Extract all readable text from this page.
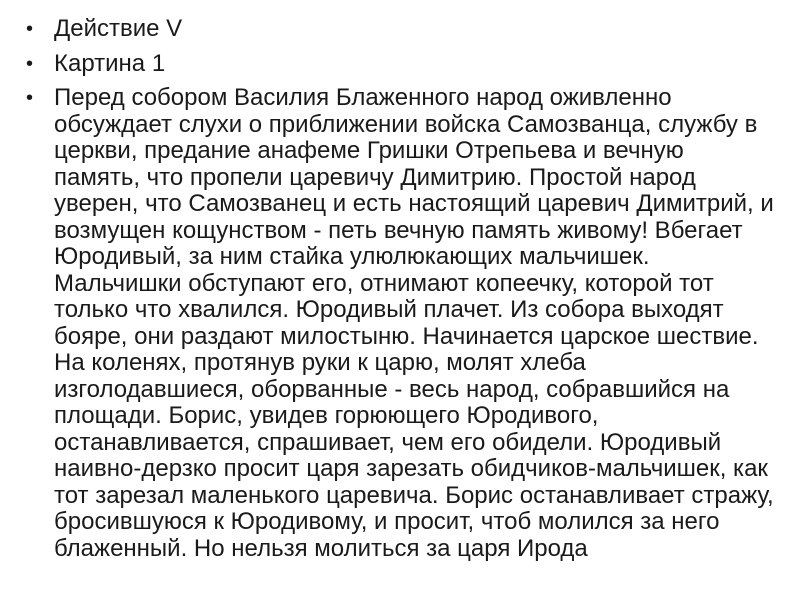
• Действие V
• Картина 1
• Перед собором Василия Блаженного народ оживленно обсуждает слухи о приближении войска Самозванца, службу в церкви, предание анафеме Гришки Отрепьева и вечную память, что пропели царевичу Димитрию. Простой народ уверен, что Самозванец и есть настоящий царевич Димитрий, и возмущен кощунством - петь вечную память живому! Вбегает Юродивый, за ним стайка улюлюкающих мальчишек. Мальчишки обступают его, отнимают копеечку, которой тот только что хвалился. Юродивый плачет. Из собора выходят бояре, они раздают милостыню. Начинается царское шествие. На коленях, протянув руки к царю, молят хлеба изголодавшиеся, оборванные - весь народ, собравшийся на площади. Борис, увидев горюющего Юродивого, останавливается, спрашивает, чем его обидели. Юродивый наивно-дерзко просит царя зарезать обидчиков-мальчишек, как тот зарезал маленького царевича. Борис останавливает стражу, бросившуюся к Юродивому, и просит, чтоб молился за него блаженный. Но нельзя молиться за царя Ирода
